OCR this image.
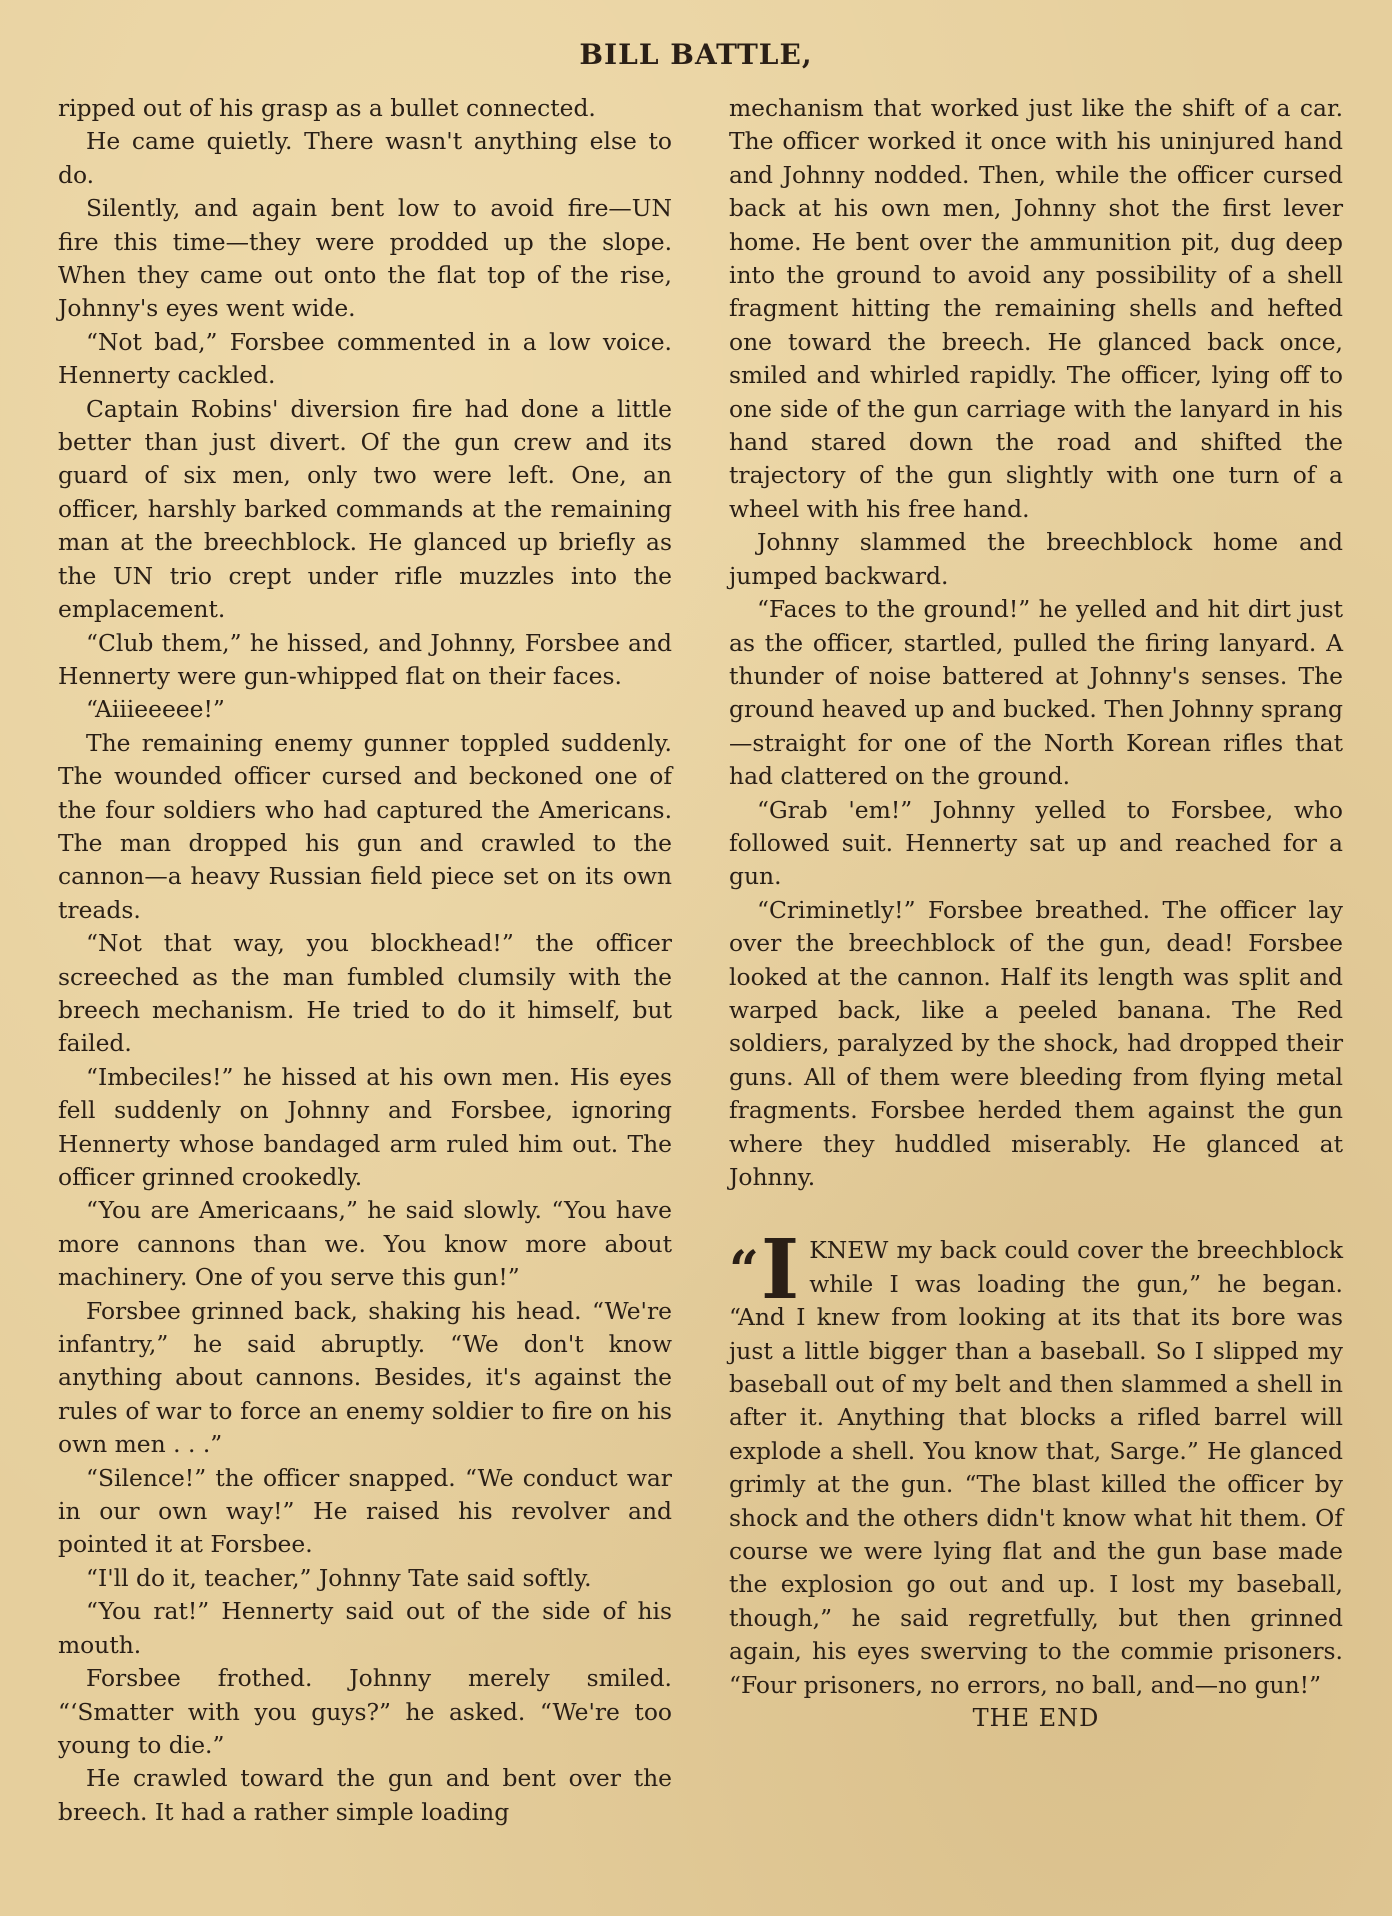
BILL BATTLE,

ripped out of his grasp as a bullet connected.

He came quietly. There wasn't anything else to do.

Silently, and again bent low to avoid fire—UN fire this time—they were prodded up the slope. When they came out onto the flat top of the rise, Johnny's eyes went wide.

“Not bad,” Forsbee commented in a low voice. Hennerty cackled.

Captain Robins' diversion fire had done a little better than just divert. Of the gun crew and its guard of six men, only two were left. One, an officer, harshly barked commands at the remaining man at the breechblock. He glanced up briefly as the UN trio crept under rifle muzzles into the emplacement.

“Club them,” he hissed, and Johnny, Forsbee and Hennerty were gun-whipped flat on their faces.

“Aiiieeeee!”

The remaining enemy gunner toppled suddenly. The wounded officer cursed and beckoned one of the four soldiers who had captured the Americans. The man dropped his gun and crawled to the cannon—a heavy Russian field piece set on its own treads.

“Not that way, you blockhead!” the officer screeched as the man fumbled clumsily with the breech mechanism. He tried to do it himself, but failed.

“Imbeciles!” he hissed at his own men. His eyes fell suddenly on Johnny and Forsbee, ignoring Hennerty whose bandaged arm ruled him out. The officer grinned crookedly.

“You are Americaans,” he said slowly. “You have more cannons than we. You know more about machinery. One of you serve this gun!”

Forsbee grinned back, shaking his head. “We're infantry,” he said abruptly. “We don't know anything about cannons. Besides, it's against the rules of war to force an enemy soldier to fire on his own men . . .”

“Silence!” the officer snapped. “We conduct war in our own way!” He raised his revolver and pointed it at Forsbee.

“I'll do it, teacher,” Johnny Tate said softly.

“You rat!” Hennerty said out of the side of his mouth.

Forsbee frothed. Johnny merely smiled. “‘Smatter with you guys?” he asked. “We're too young to die.”

He crawled toward the gun and bent over the breech. It had a rather simple loading

mechanism that worked just like the shift of a car. The officer worked it once with his uninjured hand and Johnny nodded. Then, while the officer cursed back at his own men, Johnny shot the first lever home. He bent over the ammunition pit, dug deep into the ground to avoid any possibility of a shell fragment hitting the remaining shells and hefted one toward the breech. He glanced back once, smiled and whirled rapidly. The officer, lying off to one side of the gun carriage with the lanyard in his hand stared down the road and shifted the trajectory of the gun slightly with one turn of a wheel with his free hand.

Johnny slammed the breechblock home and jumped backward.

“Faces to the ground!” he yelled and hit dirt just as the officer, startled, pulled the firing lanyard. A thunder of noise battered at Johnny's senses. The ground heaved up and bucked. Then Johnny sprang—straight for one of the North Korean rifles that had clattered on the ground.

“Grab 'em!” Johnny yelled to Forsbee, who followed suit. Hennerty sat up and reached for a gun.

“Criminetly!” Forsbee breathed. The officer lay over the breechblock of the gun, dead! Forsbee looked at the cannon. Half its length was split and warped back, like a peeled banana. The Red soldiers, paralyzed by the shock, had dropped their guns. All of them were bleeding from flying metal fragments. Forsbee herded them against the gun where they huddled miserably. He glanced at Johnny.

“ I KNEW my back could cover the breechblock while I was loading the gun,” he began. “And I knew from looking at its that its bore was just a little bigger than a baseball. So I slipped my baseball out of my belt and then slammed a shell in after it. Anything that blocks a rifled barrel will explode a shell. You know that, Sarge.” He glanced grimly at the gun. “The blast killed the officer by shock and the others didn't know what hit them. Of course we were lying flat and the gun base made the explosion go out and up. I lost my baseball, though,” he said regretfully, but then grinned again, his eyes swerving to the commie prisoners. “Four prisoners, no errors, no ball, and—no gun!”

THE END
